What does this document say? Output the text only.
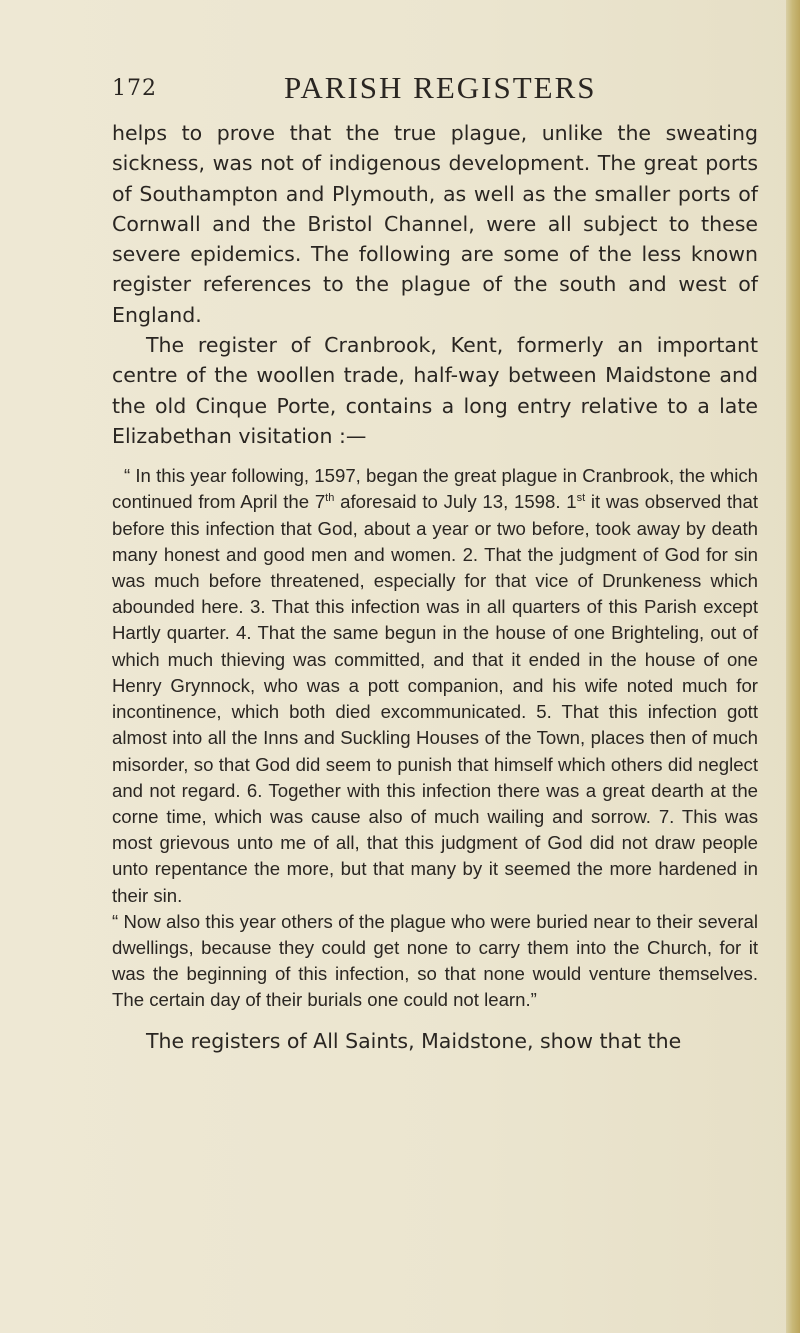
172	PARISH REGISTERS

helps to prove that the true plague, unlike the sweating sickness, was not of indigenous development. The great ports of Southampton and Plymouth, as well as the smaller ports of Cornwall and the Bristol Channel, were all subject to these severe epidemics. The following are some of the less known register references to the plague of the south and west of England.

The register of Cranbrook, Kent, formerly an important centre of the woollen trade, half-way between Maidstone and the old Cinque Porte, contains a long entry relative to a late Elizabethan visitation :—

“ In this year following, 1597, began the great plague in Cranbrook, the which continued from April the 7th aforesaid to July 13, 1598. 1st it was observed that before this infection that God, about a year or two before, took away by death many honest and good men and women. 2. That the judgment of God for sin was much before threatened, especially for that vice of Drunkeness which abounded here. 3. That this infection was in all quarters of this Parish except Hartly quarter. 4. That the same begun in the house of one Brighteling, out of which much thieving was committed, and that it ended in the house of one Henry Grynnock, who was a pott companion, and his wife noted much for incontinence, which both died excommunicated. 5. That this infection gott almost into all the Inns and Suckling Houses of the Town, places then of much misorder, so that God did seem to punish that himself which others did neglect and not regard. 6. Together with this infection there was a great dearth at the corne time, which was cause also of much wailing and sorrow. 7. This was most grievous unto me of all, that this judgment of God did not draw people unto repentance the more, but that many by it seemed the more hardened in their sin.

“ Now also this year others of the plague who were buried near to their several dwellings, because they could get none to carry them into the Church, for it was the beginning of this infection, so that none would venture themselves. The certain day of their burials one could not learn.”

The registers of All Saints, Maidstone, show that the
